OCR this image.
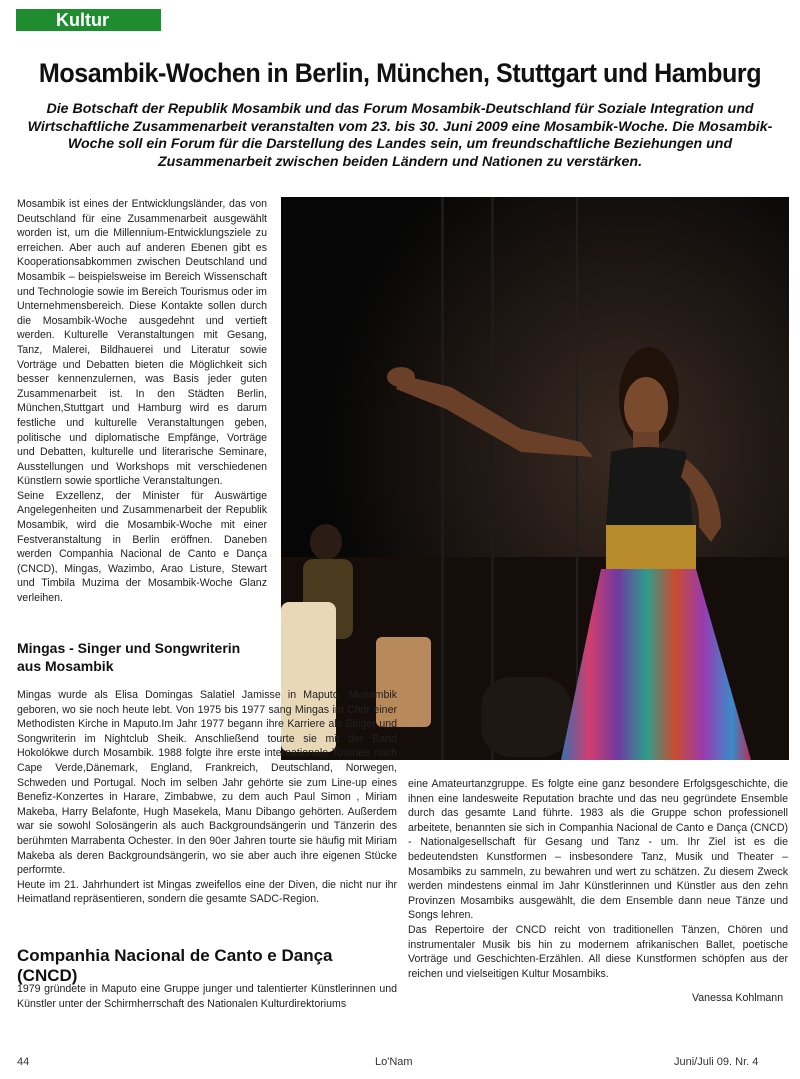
Kultur
Mosambik-Wochen in Berlin, München, Stuttgart und Hamburg
Die Botschaft der Republik Mosambik und das Forum Mosambik-Deutschland für Soziale Integration und Wirtschaftliche Zusammenarbeit veranstalten vom 23. bis 30. Juni 2009 eine Mosambik-Woche. Die Mosambik-Woche soll ein Forum für die Darstellung des Landes sein, um freundschaftliche Beziehungen und Zusammenarbeit zwischen beiden Ländern und Nationen zu verstärken.

Mosambik ist eines der Entwicklungsländer, das von Deutschland für eine Zusammenarbeit ausgewählt worden ist, um die Millennium-Entwicklungsziele zu erreichen. Aber auch auf anderen Ebenen gibt es Kooperationsabkommen zwischen Deutschland und Mosambik – beispielsweise im Bereich Wissenschaft und Technologie sowie im Bereich Tourismus oder im Unternehmensbereich. Diese Kontakte sollen durch die Mosambik-Woche ausgedehnt und vertieft werden. Kulturelle Veranstaltungen mit Gesang, Tanz, Malerei, Bildhauerei und Literatur sowie Vorträge und Debatten bieten die Möglichkeit sich besser kennenzulernen, was Basis jeder guten Zusammenarbeit ist. In den Städten Berlin, München,Stuttgart und Hamburg wird es darum festliche und kulturelle Veranstaltungen geben, politische und diplomatische Empfänge, Vorträge und Debatten, kulturelle und literarische Seminare, Ausstellungen und Workshops mit verschiedenen Künstlern sowie sportliche Veranstaltungen.

Seine Exzellenz, der Minister für Auswärtige Angelegenheiten und Zusammenarbeit der Republik Mosambik, wird die Mosambik-Woche mit einer Festveranstaltung in Berlin eröffnen. Daneben werden Companhia Nacional de Canto e Dança (CNCD), Mingas, Wazimbo, Arao Listure, Stewart und Timbila Muzima der Mosambik-Woche Glanz verleihen.

Mingas - Singer und Songwriterin aus Mosambik

Mingas wurde als Elisa Domingas Salatiel Jamisse in Maputo, Mosambik geboren, wo sie noch heute lebt. Von 1975 bis 1977 sang Mingas im Chor einer Methodisten Kirche in Maputo.Im Jahr 1977 begann ihre Karriere als Singer und Songwriterin im Nightclub Sheik. Anschließend tourte sie mit der Band Hokolókwe durch Mosambik. 1988 folgte ihre erste internationale Tournee nach Cape Verde,Dänemark, England, Frankreich, Deutschland, Norwegen, Schweden und Portugal. Noch im selben Jahr gehörte sie zum Line-up eines Benefiz-Konzertes in Harare, Zimbabwe, zu dem auch Paul Simon , Miriam Makeba, Harry Belafonte, Hugh Masekela, Manu Dibango gehörten. Außerdem war sie sowohl Solosängerin als auch Backgroundsängerin und Tänzerin des berühmten Marrabenta Ochester. In den 90er Jahren tourte sie häufig mit Miriam Makeba als deren Backgroundsängerin, wo sie aber auch ihre eigenen Stücke performte.

Heute im 21. Jahrhundert ist Mingas zweifellos eine der Diven, die nicht nur ihr Heimatland repräsentieren, sondern die gesamte SADC-Region.

Companhia Nacional de Canto e Dança (CNCD)

1979 gründete in Maputo eine Gruppe junger und talentierter Künstlerinnen und Künstler unter der Schirmherrschaft des Nationalen Kulturdirektoriums

eine Amateurtanzgruppe. Es folgte eine ganz besondere Erfolgsgeschichte, die ihnen eine landesweite Reputation brachte und das neu gegründete Ensemble durch das gesamte Land führte. 1983 als die Gruppe schon professionell arbeitete, benannten sie sich in Companhia Nacional de Canto e Dança (CNCD) - Nationalgesellschaft für Gesang und Tanz - um. Ihr Ziel ist es die bedeutendsten Kunstformen – insbesondere Tanz, Musik und Theater – Mosambiks zu sammeln, zu bewahren und wert zu schätzen. Zu diesem Zweck werden mindestens einmal im Jahr Künstlerinnen und Künstler aus den zehn Provinzen Mosambiks ausgewählt, die dem Ensemble dann neue Tänze und Songs lehren.

Das Repertoire der CNCD reicht von traditionellen Tänzen, Chören und instrumentaler Musik bis hin zu modernem afrikanischen Ballet, poetische Vorträge und Geschichten-Erzählen. All diese Kunstformen schöpfen aus der reichen und vielseitigen Kultur Mosambiks.

Vanessa Kohlmann
44	Lo'Nam	Juni/Juli 09. Nr. 4
